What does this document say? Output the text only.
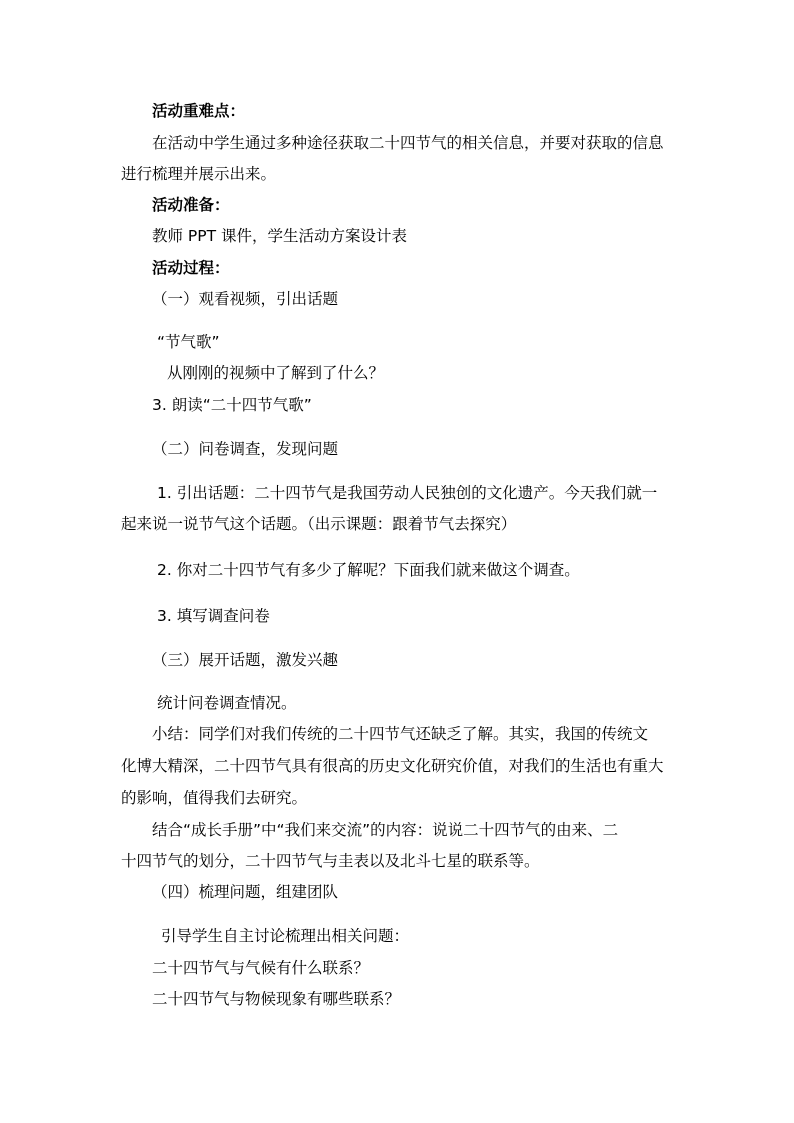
活动重难点：

在活动中学生通过多种途径获取二十四节气的相关信息，并要对获取的信息

进行梳理并展示出来。

活动准备：

教师 PPT 课件，学生活动方案设计表

活动过程：

（一）观看视频，引出话题

“节气歌”

从刚刚的视频中了解到了什么？

3. 朗读“二十四节气歌”

（二）问卷调查，发现问题

1. 引出话题：二十四节气是我国劳动人民独创的文化遗产。今天我们就一

起来说一说节气这个话题。（出示课题：跟着节气去探究）

2. 你对二十四节气有多少了解呢？下面我们就来做这个调查。

3. 填写调查问卷

（三）展开话题，激发兴趣

统计问卷调查情况。

小结：同学们对我们传统的二十四节气还缺乏了解。其实，我国的传统文

化博大精深，二十四节气具有很高的历史文化研究价值，对我们的生活也有重大

的影响，值得我们去研究。

结合“成长手册”中“我们来交流”的内容：说说二十四节气的由来、二

十四节气的划分，二十四节气与圭表以及北斗七星的联系等。

（四）梳理问题，组建团队

引导学生自主讨论梳理出相关问题：

二十四节气与气候有什么联系？

二十四节气与物候现象有哪些联系？
